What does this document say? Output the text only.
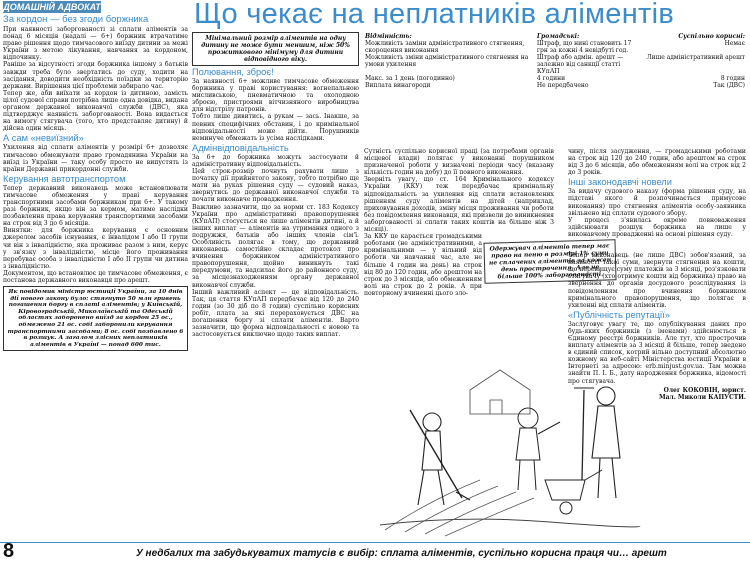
ДОМАШНІЙ АДВОКАТ	Що чекає на неплатників аліментів
За кордон — без згоди боржника
При наявності заборгованості зі сплати аліментів за понад 6 місяців (надалі — 6+) боржник втрачатиме право рішення щодо тимчасового виїзду дитини за межі України з метою лікування, навчання за кордоном, відпочинку.
Раніше за відсутності згоди боржника іншому з батьків завжди треба було звертатись до суду, ходити на засідання, доводити необхідність поїздки за територію держави. Вирішення цієї проблеми забирало час.
Тепер же, аби виїхати за кордон із дитиною, замість цілої судової справи потрібна лише одна довідка, видана органом державної виконавчої служби (ДВС), яка підтверджує наявність заборгованості. Вона видається на вимогу стягувача (того, хто представляє дитину) й дійсна один місяць.
А сам «невиїзний»
Ухилення від сплати аліментів у розмірі 6+ дозволяє тимчасово обмежувати право громадянина України на виїзд із України — таку особу просто не випустять із країни Державні прикордонні служби.
Керування автотранспортом
Тепер державний виконавець може встановлювати тимчасове обмеження у праві керування транспортними засобами боржникам при 6+. У такому разі боржник, якщо він за кермом, матиме наслідки позбавлення права керування транспортними засобами на строк від 3 до 6 місяців.
Винятки: для боржника керування є основним джерелом засобів існування, є інвалідом I або II групи чи він з інвалідністю, яка проживає разом з ним, керує у зв'язку з інвалідністю, місце його проживання перебуває особа з інвалідністю I або II групи чи дитина з інвалідністю.
Документом, що встановлює це тимчасове обмеження, є постанова державного виконавця про арешт.
Як повідомив міністр юстиції України, за 10 днів дії нового закону було: стягнуто 50 млн гривень погашення боргу в сплаті аліментів; у Київській, Кіровоградській, Миколаївській та Одеській областях заборонено виїзд за кордон 25 ос., обмежено 21 ос. собі заборонили керування транспортними засобами; 8 ос. собі позбавлено 6 в розшук. А загалом злісних неплатників аліментів в Україні — понад 600 тис.
Мінімальний розмір аліментів на одну дитину не може бути меншим, ніж 50% прожиткового мінімуму для дитини відповідного віку.
Полювання, зброє!
За наявності 6+ можливе тимчасове обмеження боржника у праві користування: вогнепальною мисливською, пневматичною та охолодною зброєю, пристроями вітчизняного виробництва для відстрілу патронів.
Тобто лише дивитись, а рукам — зась. Інакше, за певних специфічних обставин, і до кримінальної відповідальності може дійти. Порушників неминуче обмежать із усіма наслідками.
Адмінвідповідальність
За 6+ до боржника можуть застосувати й адміністративну відповідальність.
Цей строк-розмір почнуть рахувати лише з початку дії прийнятого закону, тобто потрібно ще мати на руках рішення суду — судовий наказ, звернутись до державної виконавчої служби та почати виконавче провадження.
Важливо зазначити, що за норми ст. 183 Кодексу України про адміністративні правопорушення (КУпАП) стосується не лише аліментів дитині, а й інших виплат — аліментів на утримання одного з подружжя, батьків або інших членів сім'ї. Особливість полягає в тому, що державний виконавець самостійно складає протокол про вчинення боржником адміністративного правопорушення, щойно виникнуть такі передумови, та надсилає його до районного суду, за місцезнаходженням органу державної виконавчої служби.
Інший важливий аспект — це відповідальність. Так, ця стаття КУпАП передбачає від 120 до 240 годин (зо 30 діб по 8 годин) суспільно корисних робіт, плата за які перераховується ДВС на погашення боргу зі сплати аліментів. Варто зазначити, що форма відповідальності є новою та застосовується виключно щодо таких виплат.
Відмінність:	Громадські:	Суспільно корисні:
Можливість заміни адміністративного стягнення, скороцення виконання	Штраф, що нині становить 17 грн за кожні 4 невідбуті год.	Немає
Можливість зміни адміністративного стягнення на умови ухилення	Штраф або адмін. арешт — залежно від санкції статті КУпАП	Лише адміністративний арешт
Макс. за 1 день (погодинно)	4 години	8 годин
Виплата винагороди	Не передбачено	Так (ДВС)
Сутність суспільно корисної праці (за потребами органів місцевої влади) полягає у виконанні порушником призначеної роботи у визначені періоди часу (вказану кількість годин на добу) до її повного виконання.
Зверніть увагу, що ст. 164 Кримінального кодексу України (ККУ) теж передбачає кримінальну відповідальність за ухилення від сплати встановлених рішенням суду аліментів на дітей (наприклад, приховування доходів, зміну місця проживання чи роботи без повідомлення виконавця, які призвели до виникнення заборгованості зі сплати таких коштів на більше ніж 3 місяці).
За ККУ це карається громадськими роботами (не адміністративними, а кримінальними — у вільний від роботи чи навчання час, але не більше 4 годин на день) на строк від 80 до 120 годин, або арештом на строк до 3 місяців, або обмеженням волі на строк до 2 років. А при повторному вчиненні цього зло-
Одержувач аліментів тепер має право на пеню в розмірі 1% суми не сплачених аліментів за кожен день прострочення. Але не більше 100% заборгованості.
чину, після засудження, — громадськими роботами на строк від 120 до 240 годин, або арештом на строк від 3 до 6 місяців, або обмеженням волі на строк від 2 до 3 років.
Інші законодавчі новели
За видачу судового наказу (форма рішення суду, на підставі якого й розпочинається примусове виконання) про стягнення аліментів особу-заявника звільнено від сплати судового збору.
У процесі з'явилась окреме повноваження здійснювати розшук боржника на лише у виконавчому провадженні на основі рішення суду.
Тепер виконавець (не лише ДВС) зобов'язаний, за наявності такої суми, звернути стягнення на кошти, що перевищує суму платежів за 3 місяці, роз'язковати стягувачу (хто отримує кошти від боржника) право на звернення до органів досудового розслідування із повідомленням про вчинення боржником кримінального правопорушення, що полягає в ухиленні від сплати аліментів.
«Публічність репутації»
Заслуговує увагу те, що опублікування даних про будь-яких боржників (з іменами) здійснюється в Єдиному реєстрі боржників. Але тут, хто прострочив виплату аліментів за 3 місяці й більше, тепер зведено в єдиний список, котрий вільно доступний абсолютно кожному на веб-сайті Міністерства юстиції України в Інтернеті за адресою: erb.minjust.gov.ua. Там можна знайти П. І. Б., дату народження боржника, відомості про стягувача.
Олег КОКОВІН, юрист.
Мал. Миколи КАПУСТИ.
8	У недбалих та забудькуватих татусів є вибір: сплата аліментів, суспільно корисна праця чи… арешт
